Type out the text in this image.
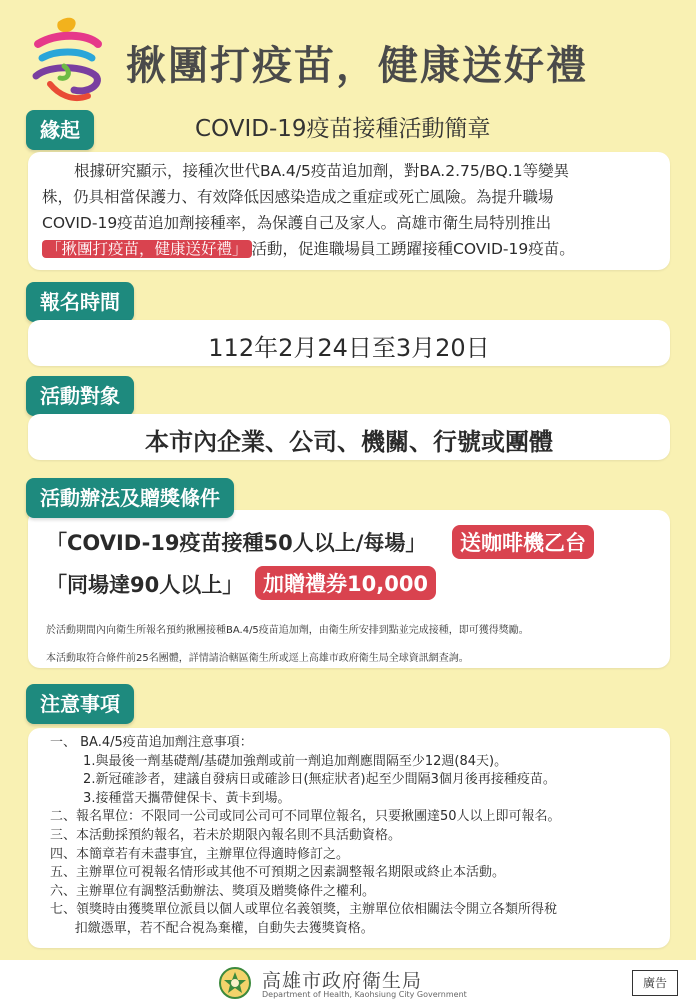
揪團打疫苗，健康送好禮
緣起	COVID-19疫苗接種活動簡章
根據研究顯示，接種次世代BA.4/5疫苗追加劑，對BA.2.75/BQ.1等變異
株，仍具相當保護力、有效降低因感染造成之重症或死亡風險。為提升職場
COVID-19疫苗追加劑接種率，為保護自己及家人。高雄市衛生局特別推出
「揪團打疫苗，健康送好禮」 活動，促進職場員工踴躍接種COVID-19疫苗。
報名時間
112年2月24日至3月20日
活動對象
本市內企業、公司、機關、行號或團體
活動辦法及贈獎條件
「COVID-19疫苗接種50人以上/每場」	送咖啡機乙台
「同場達90人以上」 加贈禮券10,000
於活動期間內向衛生所報名預約揪團接種BA.4/5疫苗追加劑，由衛生所安排到點並完成接種，即可獲得獎勵。
本活動取符合條件前25名團體，詳情請洽轄區衛生所或逕上高雄市政府衛生局全球資訊網查詢。
一、 BA.4/5疫苗追加劑注意事項：
1.與最後一劑基礎劑/基礎加強劑或前一劑追加劑應間隔至少12週(84天)。
2.新冠確診者，建議自發病日或確診日(無症狀者)起至少間隔3個月後再接種疫苗。
3.接種當天攜帶健保卡、黃卡到場。
二、報名單位：不限同一公司或同公司可不同單位報名，只要揪團達50人以上即可報名。
三、本活動採預約報名，若未於期限內報名則不具活動資格。
四、本簡章若有未盡事宜，主辦單位得適時修訂之。
五、主辦單位可視報名情形或其他不可預期之因素調整報名期限或終止本活動。
六、主辦單位有調整活動辦法、獎項及贈獎條件之權利。
七、領獎時由獲獎單位派員以個人或單位名義領獎，主辦單位依相關法令開立各類所得稅
扣繳憑單，若不配合視為棄權，自動失去獲獎資格。
注意事項
高雄市政府衛生局
Department of Health, Kaohsiung City Government
廣告
